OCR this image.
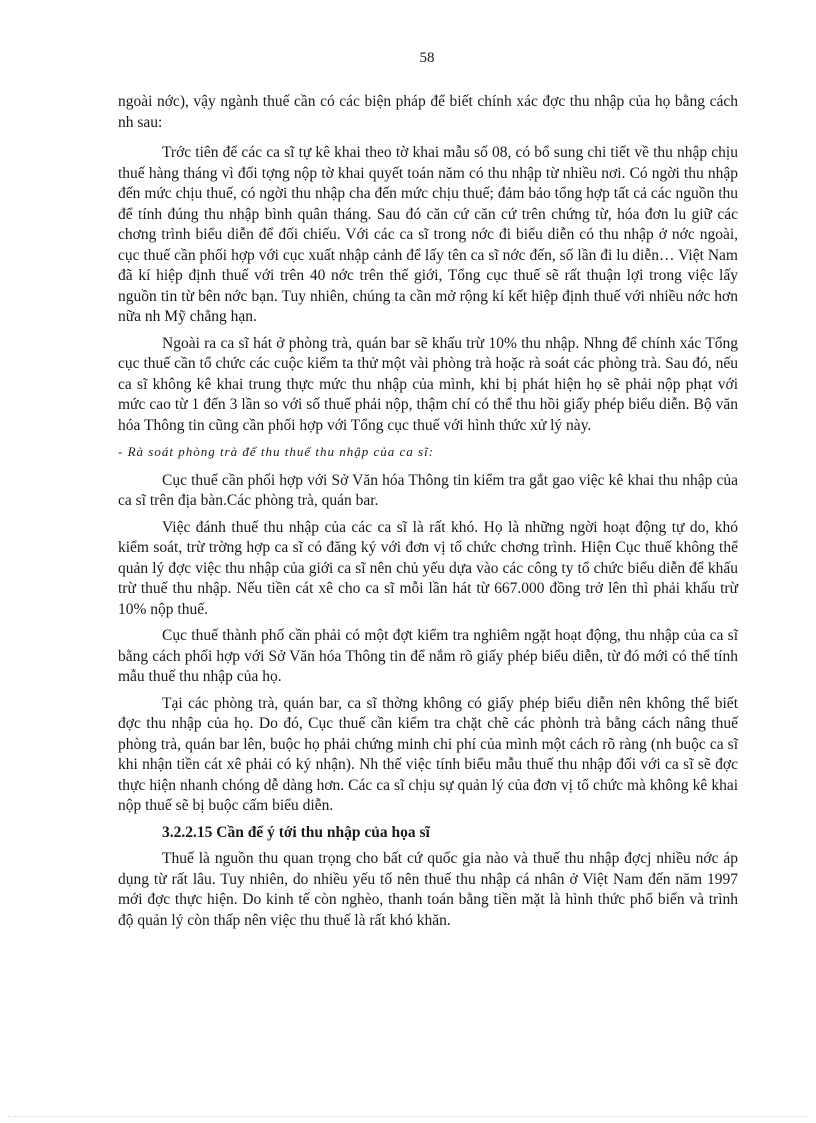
58

ngoài nớc), vậy ngành thuế cần có các biện pháp để biết chính xác đợc thu nhập của họ bằng cách nh sau:

Trớc tiên để các ca sĩ tự kê khai theo tờ khai mẫu số 08, có bổ sung chi tiết về thu nhập chịu thuế hàng tháng vì đối tợng nộp tờ khai quyết toán năm có thu nhập từ nhiều nơi. Có ngời thu nhập đến mức chịu thuế, có ngời thu nhập cha đến mức chịu thuế; đảm bảo tổng hợp tất cả các nguồn thu để tính đúng thu nhập bình quân tháng. Sau đó căn cứ căn cứ trên chứng từ, hóa đơn lu giữ các chơng trình biểu diễn để đối chiếu. Với các ca sĩ trong nớc đi biểu diễn có thu nhập ở nớc ngoài, cục thuế cần phối hợp với cục xuất nhập cảnh để lấy tên ca sĩ nớc đến, số lần đi lu diễn… Việt Nam đã kí hiệp định thuế với trên 40 nớc trên thế giới, Tổng cục thuế sẽ rất thuận lợi trong việc lấy nguồn tin từ bên nớc bạn. Tuy nhiên, chúng ta cần mở rộng kí kết hiệp định thuế với nhiều nớc hơn nữa nh Mỹ chẳng hạn.

Ngoài ra ca sĩ hát ở phòng trà, quán bar sẽ khấu trừ 10% thu nhập. Nhng để chính xác Tổng cục thuế cần tổ chức các cuộc kiểm ta thử một vài phòng trà hoặc rà soát các phòng trà. Sau đó, nếu ca sĩ không kê khai trung thực mức thu nhập của mình, khi bị phát hiện họ sẽ phải nộp phạt với mức cao từ 1 đến 3 lần so với số thuế phải nộp, thậm chí có thể thu hồi giấy phép biểu diễn. Bộ văn hóa Thông tin cũng cần phối hợp với Tổng cục thuế với hình thức xử lý này.

- Rà soát phòng trà để thu thuế thu nhập của ca sĩ:

Cục thuế cần phối hợp với Sở Văn hóa Thông tin kiểm tra gắt gao việc kê khai thu nhập của ca sĩ trên địa bàn.Các phòng trà, quán bar.

Việc đánh thuế thu nhập của các ca sĩ là rất khó. Họ là những ngời hoạt động tự do, khó kiểm soát, trừ trờng hợp ca sĩ có đăng ký với đơn vị tổ chức chơng trình. Hiện Cục thuế không thể quản lý đợc việc thu nhập của giới ca sĩ nên chủ yếu dựa vào các công ty tổ chức biểu diễn để khấu trừ thuế thu nhập. Nếu tiền cát xê cho ca sĩ mỗi lần hát từ 667.000 đồng trở lên thì phải khấu trừ 10% nộp thuế.

Cục thuế thành phố cần phải có một đợt kiểm tra nghiêm ngặt hoạt động, thu nhập của ca sĩ bằng cách phối hợp với Sở Văn hóa Thông tin để nắm rõ giấy phép biểu diễn, từ đó mới có thể tính mẫu thuế thu nhập của họ.

Tại các phòng trà, quán bar, ca sĩ thờng không có giấy phép biểu diễn nên không thể biết đợc thu nhập của họ. Do đó, Cục thuế cần kiểm tra chặt chẽ các phònh trà bằng cách nâng thuế phòng trà, quán bar lên, buộc họ phải chứng minh chi phí của mình một cách rõ ràng (nh buộc ca sĩ khi nhận tiền cát xê phải có ký nhận). Nh thế việc tính biểu mẫu thuế thu nhập đối với ca sĩ sẽ đợc thực hiện nhanh chóng dễ dàng hơn. Các ca sĩ chịu sự quản lý của đơn vị tổ chức mà không kê khai nộp thuế sẽ bị buộc cấm biểu diễn.

3.2.2.15 Cần để ý tới thu nhập của họa sĩ

Thuế là nguồn thu quan trọng cho bất cứ quốc gia nào và thuế thu nhập đợcj nhiều nớc áp dụng từ rất lâu. Tuy nhiên, do nhiều yếu tố nên thuế thu nhập cá nhân ở Việt Nam đến năm 1997 mới đợc thực hiện. Do kinh tế còn nghèo, thanh toán bằng tiền mặt là hình thức phổ biến và trình độ quản lý còn thấp nên việc thu thuế là rất khó khăn.
